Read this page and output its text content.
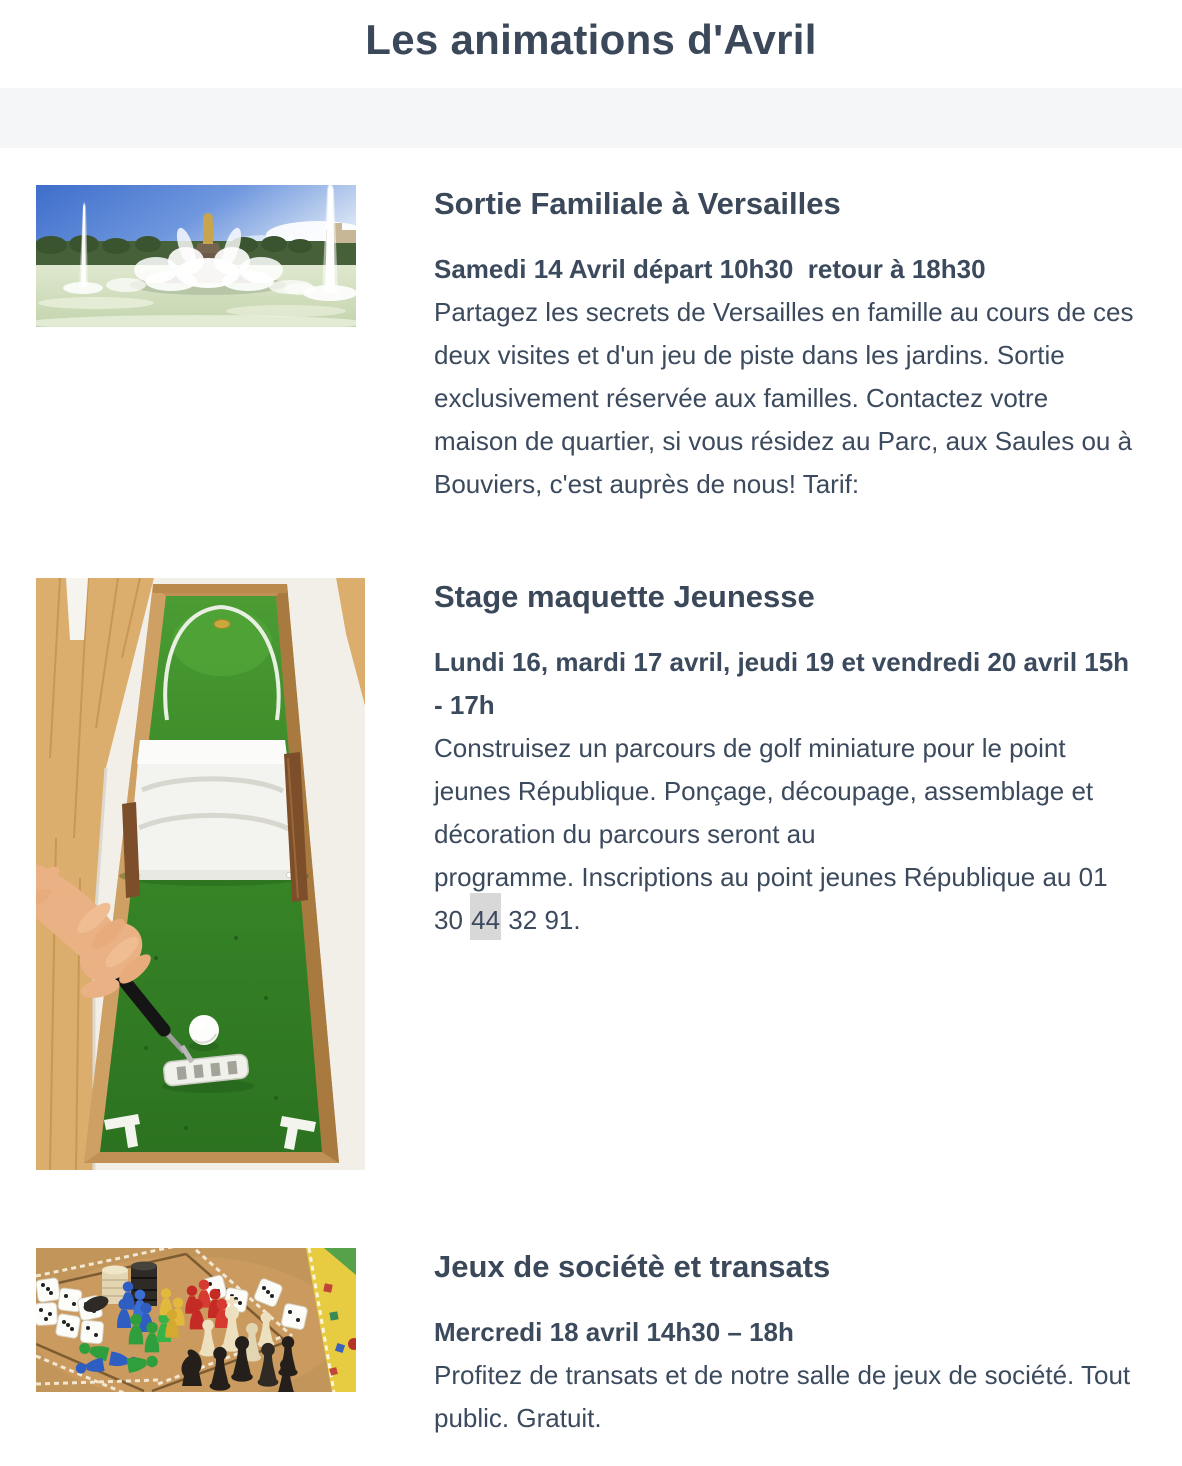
Les animations d'Avril
Sortie Familiale à Versailles

Samedi 14 Avril départ 10h30  retour à 18h30
Partagez les secrets de Versailles en famille au cours de ces deux visites et d'un jeu de piste dans les jardins. Sortie exclusivement réservée aux familles. Contactez votre maison de quartier, si vous résidez au Parc, aux Saules ou à Bouviers, c'est auprès de nous! Tarif:

Stage maquette Jeunesse

Lundi 16, mardi 17 avril, jeudi 19 et vendredi 20 avril 15h - 17h
Construisez un parcours de golf miniature pour le point jeunes République. Ponçage, découpage, assemblage et décoration du parcours seront au
programme. Inscriptions au point jeunes République au 01 30 44 32 91.

Jeux de sociétè et transats

Mercredi 18 avril 14h30 – 18h
Profitez de transats et de notre salle de jeux de société. Tout public. Gratuit.
